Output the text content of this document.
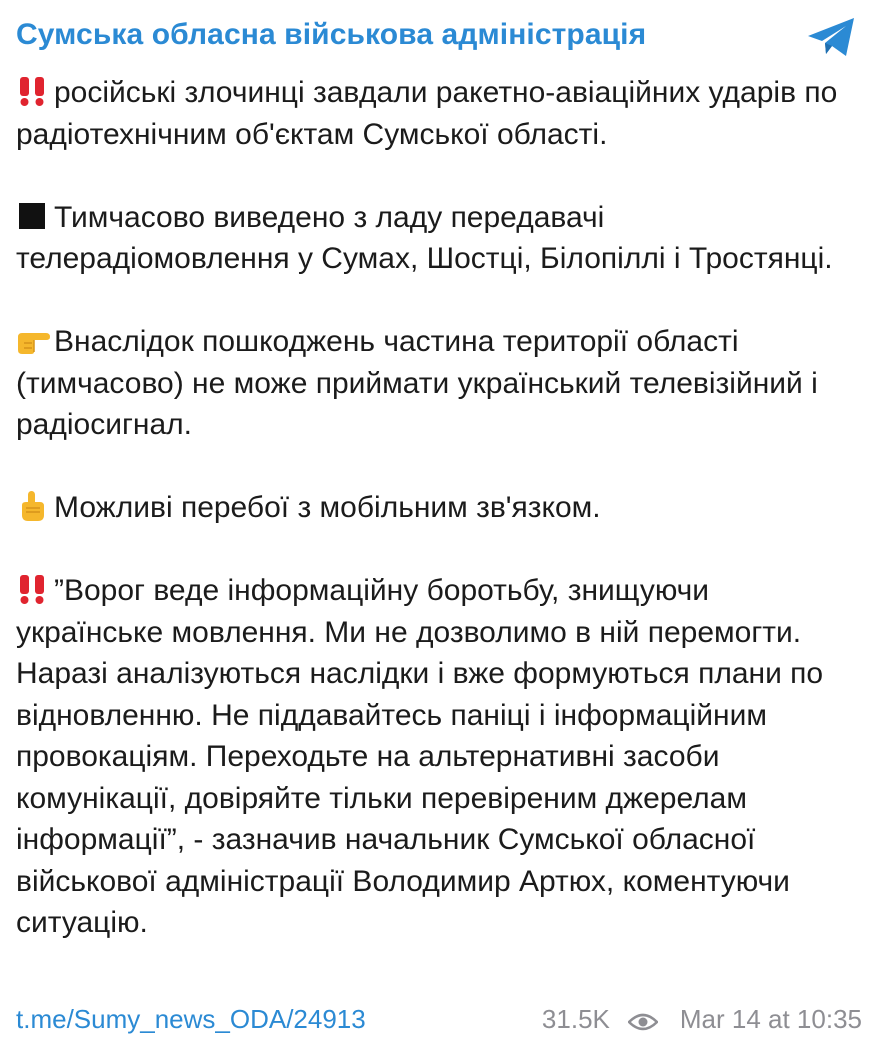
Сумська обласна військова адміністрація

російські злочинці завдали ракетно-авіаційних ударів по радіотехнічним об'єктам Сумської області.

Тимчасово виведено з ладу передавачі телерадіомовлення у Сумах, Шостці, Білопіллі і Тростянці.

Внаслідок пошкоджень частина території області (тимчасово) не може приймати український телевізійний і радіосигнал.

Можливі перебої з мобільним зв'язком.

”Ворог веде інформаційну боротьбу, знищуючи українське мовлення. Ми не дозволимо в ній перемогти. Наразі аналізуються наслідки і вже формуються плани по відновленню. Не піддавайтесь паніці і інформаційним провокаціям. Переходьте на альтернативні засоби комунікації, довіряйте тільки перевіреним джерелам інформації”, - зазначив начальник Сумської обласної військової адміністрації Володимир Артюх, коментуючи ситуацію.

t.me/Sumy_news_ODA/24913	31.5K	Mar 14 at 10:35
